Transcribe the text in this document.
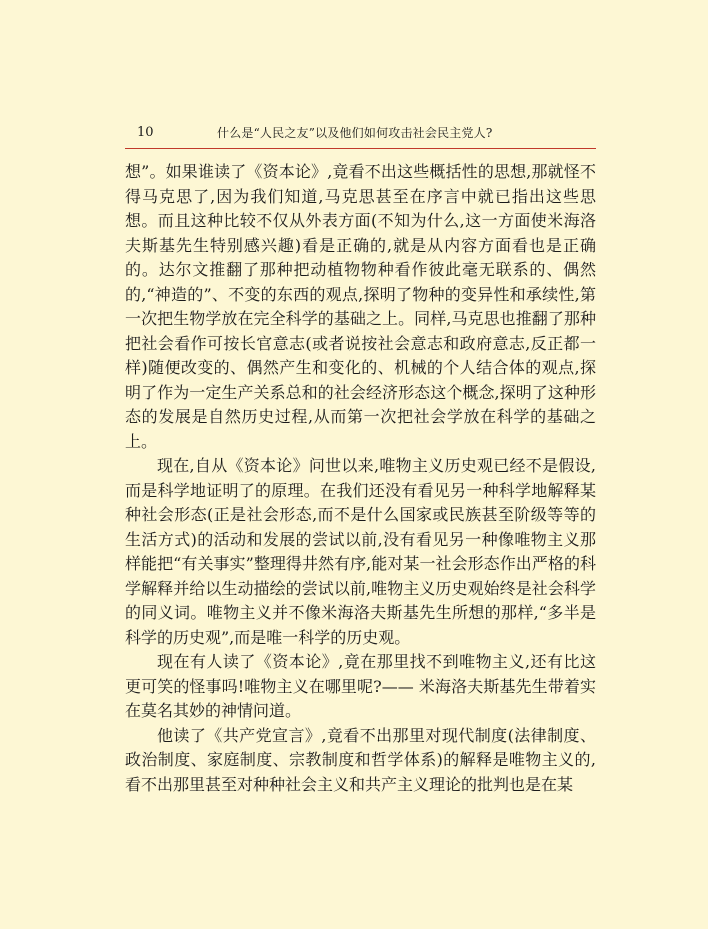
10	什么是“人民之友”以及他们如何攻击社会民主党人?

想”。如果谁读了《资本论》,竟看不出这些概括性的思想,那就怪不得马克思了,因为我们知道,马克思甚至在序言中就已指出这些思想。而且这种比较不仅从外表方面(不知为什么,这一方面使米海洛夫斯基先生特别感兴趣)看是正确的,就是从内容方面看也是正确的。达尔文推翻了那种把动植物物种看作彼此毫无联系的、偶然的,“神造的”、不变的东西的观点,探明了物种的变异性和承续性,第一次把生物学放在完全科学的基础之上。同样,马克思也推翻了那种把社会看作可按长官意志(或者说按社会意志和政府意志,反正都一样)随便改变的、偶然产生和变化的、机械的个人结合体的观点,探明了作为一定生产关系总和的社会经济形态这个概念,探明了这种形态的发展是自然历史过程,从而第一次把社会学放在科学的基础之上。

现在,自从《资本论》问世以来,唯物主义历史观已经不是假设,而是科学地证明了的原理。在我们还没有看见另一种科学地解释某种社会形态(正是社会形态,而不是什么国家或民族甚至阶级等等的生活方式)的活动和发展的尝试以前,没有看见另一种像唯物主义那样能把“有关事实”整理得井然有序,能对某一社会形态作出严格的科学解释并给以生动描绘的尝试以前,唯物主义历史观始终是社会科学的同义词。唯物主义并不像米海洛夫斯基先生所想的那样,“多半是科学的历史观”,而是唯一科学的历史观。

现在有人读了《资本论》,竟在那里找不到唯物主义,还有比这更可笑的怪事吗!唯物主义在哪里呢?—— 米海洛夫斯基先生带着实在莫名其妙的神情问道。

他读了《共产党宣言》,竟看不出那里对现代制度(法律制度、政治制度、家庭制度、宗教制度和哲学体系)的解释是唯物主义的,看不出那里甚至对种种社会主义和共产主义理论的批判也是在某
